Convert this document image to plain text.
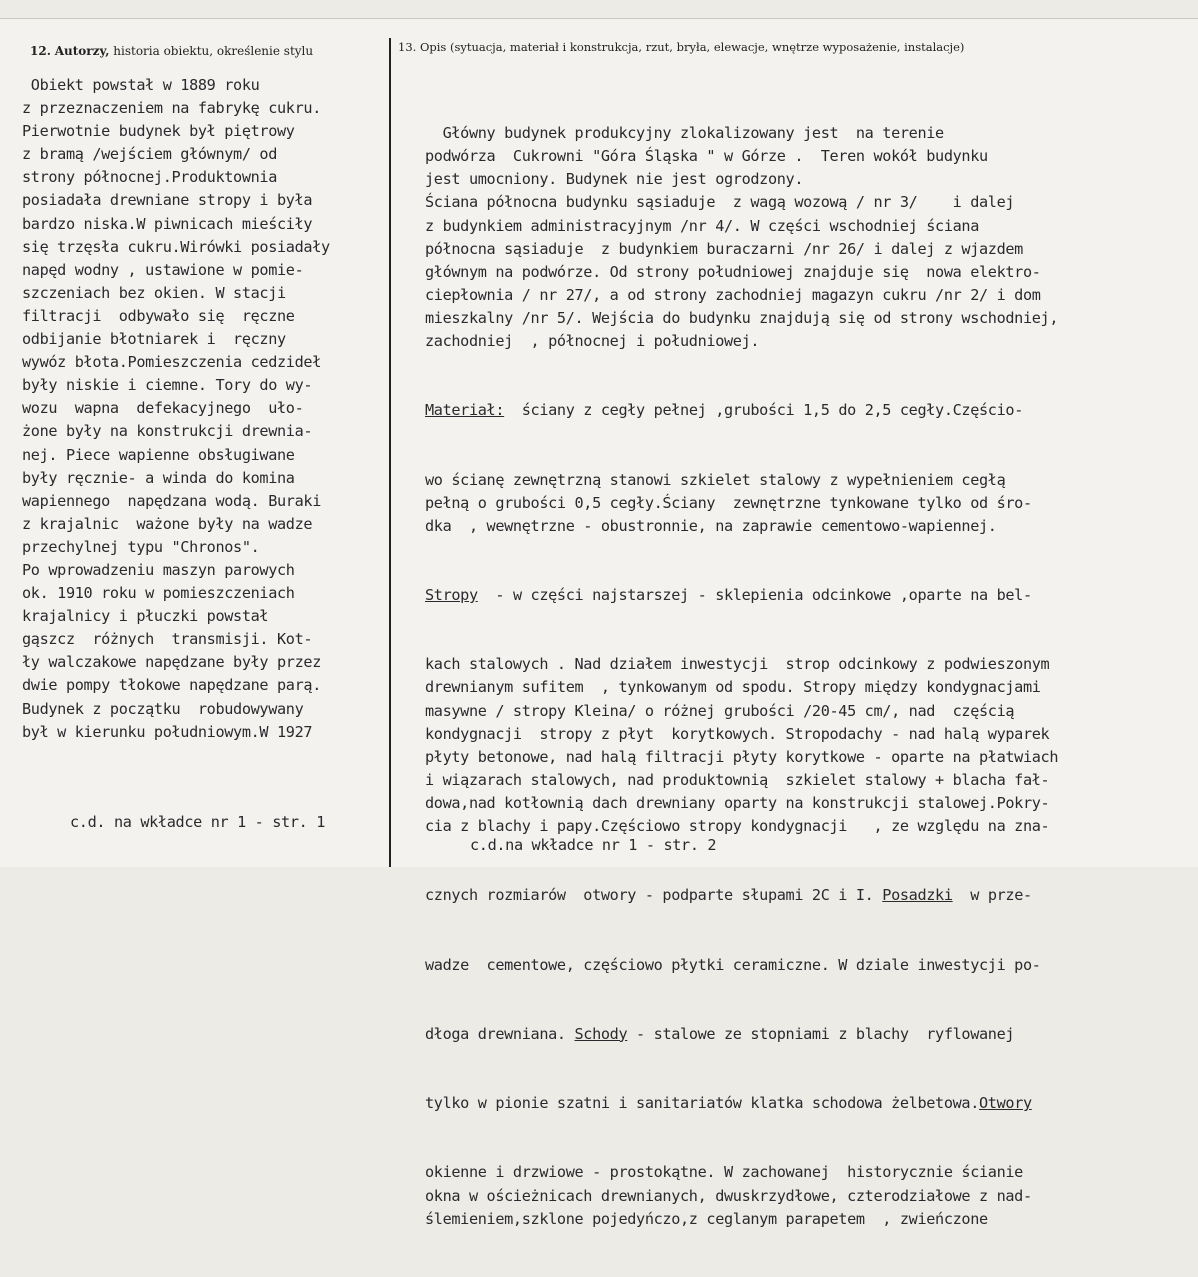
12. Autorzy, historia obiektu, określenie stylu	13. Opis (sytuacja, materiał i konstrukcja, rzut, bryła, elewacje, wnętrze wyposażenie, instalacje)
Obiekt powstał w 1889 roku
z przeznaczeniem na fabrykę cukru.
Pierwotnie budynek był piętrowy
z bramą /wejściem głównym/ od
strony północnej.Produktownia
posiadała drewniane stropy i była
bardzo niska.W piwnicach mieściły
się trzęsła cukru.Wirówki posiadały
napęd wodny , ustawione w pomie-
szczeniach bez okien. W stacji
filtracji  odbywało się  ręczne
odbijanie błotniarek i  ręczny
wywóz błota.Pomieszczenia cedzideł
były niskie i ciemne. Tory do wy-
wozu  wapna  defekacyjnego  uło-
żone były na konstrukcji drewnia-
nej. Piece wapienne obsługiwane
były ręcznie- a winda do komina
wapiennego  napędzana wodą. Buraki
z krajalnic  ważone były na wadze
przechylnej typu "Chronos".
Po wprowadzeniu maszyn parowych
ok. 1910 roku w pomieszczeniach
krajalnicy i płuczki powstał
gąszcz  różnych  transmisji. Kot-
ły walczakowe napędzane były przez
dwie pompy tłokowe napędzane parą.
Budynek z początku  robudowywany
był w kierunku południowym.W 1927
c.d. na wkładce nr 1 - str. 1

Główny budynek produkcyjny zlokalizowany jest  na terenie
podwórza  Cukrowni "Góra Śląska " w Górze .  Teren wokół budynku
jest umocniony. Budynek nie jest ogrodzony.
Ściana północna budynku sąsiaduje  z wagą wozową / nr 3/    i dalej
z budynkiem administracyjnym /nr 4/. W części wschodniej ściana
północna sąsiaduje  z budynkiem buraczarni /nr 26/ i dalej z wjazdem
głównym na podwórze. Od strony południowej znajduje się  nowa elektro-
ciepłownia / nr 27/, a od strony zachodniej magazyn cukru /nr 2/ i dom
mieszkalny /nr 5/. Wejścia do budynku znajdują się od strony wschodniej,
zachodniej  , północnej i południowej.

Materiał:  ściany z cegły pełnej ,grubości 1,5 do 2,5 cegły.Częścio-

wo ścianę zewnętrzną stanowi szkielet stalowy z wypełnieniem cegłą
pełną o grubości 0,5 cegły.Ściany  zewnętrzne tynkowane tylko od śro-
dka  , wewnętrzne - obustronnie, na zaprawie cementowo-wapiennej.

Stropy  - w części najstarszej - sklepienia odcinkowe ,oparte na bel-

kach stalowych . Nad działem inwestycji  strop odcinkowy z podwieszonym
drewnianym sufitem  , tynkowanym od spodu. Stropy między kondygnacjami
masywne / stropy Kleina/ o różnej grubości /20-45 cm/, nad  częścią
kondygnacji  stropy z płyt  korytkowych. Stropodachy - nad halą wyparek
płyty betonowe, nad halą filtracji płyty korytkowe - oparte na płatwiach
i wiązarach stalowych, nad produktownią  szkielet stalowy + blacha fał-
dowa,nad kotłownią dach drewniany oparty na konstrukcji stalowej.Pokry-
cia z blachy i papy.Częściowo stropy kondygnacji   , ze względu na zna-

cznych rozmiarów  otwory - podparte słupami 2C i I. Posadzki  w prze-

wadze  cementowe, częściowo płytki ceramiczne. W dziale inwestycji po-

dłoga drewniana. Schody - stalowe ze stopniami z blachy  ryflowanej

tylko w pionie szatni i sanitariatów klatka schodowa żelbetowa.Otwory

okienne i drzwiowe - prostokątne. W zachowanej  historycznie ścianie
okna w ościeżnicach drewnianych, dwuskrzydłowe, czterodziałowe z nad-
ślemieniem,szklone pojedyńczo,z ceglanym parapetem  , zwieńczone

c.d.na wkładce nr 1 - str. 2
